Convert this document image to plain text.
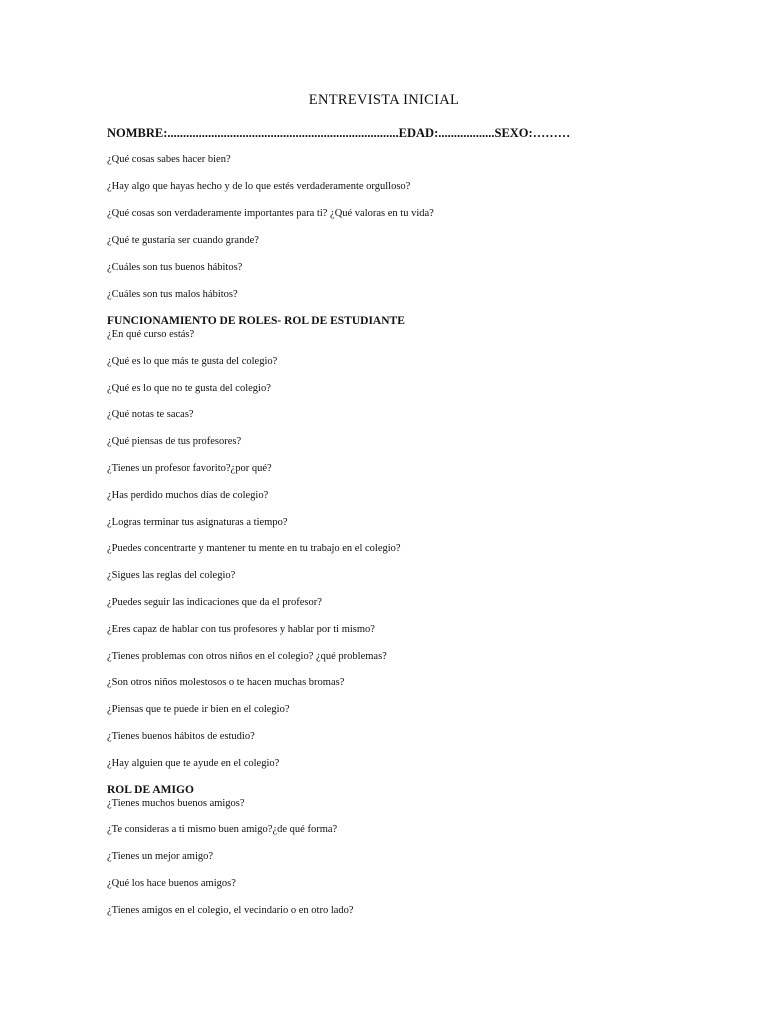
ENTREVISTA INICIAL
NOMBRE:..........................................................................EDAD:..................SEXO:………
¿Qué cosas sabes hacer bien?
¿Hay algo que hayas hecho y de lo que estés verdaderamente orgulloso?
¿Qué cosas son verdaderamente importantes para ti? ¿Qué valoras en tu vida?
¿Qué te gustaría ser cuando grande?
¿Cuáles son tus buenos hábitos?
¿Cuáles son tus malos hábitos?
FUNCIONAMIENTO DE ROLES- ROL DE ESTUDIANTE
¿En qué curso estás?
¿Qué es lo que más te gusta del colegio?
¿Qué es lo que no te gusta del colegio?
¿Qué notas te sacas?
¿Qué piensas de tus profesores?
¿Tienes un profesor favorito?¿por qué?
¿Has perdido muchos días de colegio?
¿Logras terminar tus asignaturas a tiempo?
¿Puedes concentrarte y mantener tu mente en tu trabajo en el colegio?
¿Sigues las reglas del colegio?
¿Puedes seguir las indicaciones que da el profesor?
¿Eres capaz de hablar con tus profesores y hablar por ti mismo?
¿Tienes problemas con otros niños en el colegio? ¿qué problemas?
¿Son otros niños molestosos o te hacen muchas bromas?
¿Piensas que te puede ir bien en el colegio?
¿Tienes buenos hábitos de estudio?
¿Hay alguien que te ayude en el colegio?
ROL DE AMIGO
¿Tienes muchos buenos amigos?
¿Te consideras a ti mismo buen amigo?¿de qué forma?
¿Tienes un mejor amigo?
¿Qué los hace buenos amigos?
¿Tienes amigos en el colegio, el vecindario o en otro lado?
